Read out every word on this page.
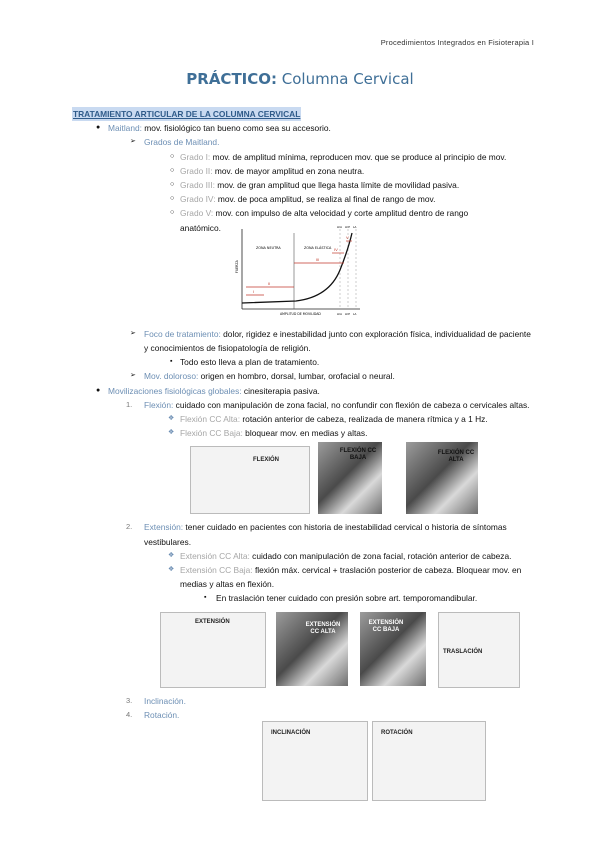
Procedimientos Integrados en Fisioterapia I
PRÁCTICO: Columna Cervical
TRATAMIENTO ARTICULAR DE LA COLUMNA CERVICAL
● Maitland: mov. fisiológico tan bueno como sea su accesorio.
➢ Grados de Maitland.
○ Grado I: mov. de amplitud mínima, reproducen mov. que se produce al principio de mov.
○ Grado II: mov. de mayor amplitud en zona neutra.
○ Grado III: mov. de gran amplitud que llega hasta límite de movilidad pasiva.
○ Grado IV: mov. de poca amplitud, se realiza al final de rango de mov.
○ Grado V: mov. con impulso de alta velocidad y corte amplitud dentro de rango anatómico.
ZONA NEUTRA	ZONA ELÁSTICA
I
II
III
IV
V
AMPLITUD DE MOVILIDAD
FUERZA
LFA LFP LA
LFA LFP LA
➢ Foco de tratamiento: dolor, rigidez e inestabilidad junto con exploración física, individualidad de paciente y conocimientos de fisiopatología de religión.
▪ Todo esto lleva a plan de tratamiento.
➢ Mov. doloroso: origen en hombro, dorsal, lumbar, orofacial o neural.
● Movilizaciones fisiológicas globales: cinesiterapia pasiva.
1. Flexión: cuidado con manipulación de zona facial, no confundir con flexión de cabeza o cervicales altas.
❖ Flexión CC Alta: rotación anterior de cabeza, realizada de manera rítmica y a 1 Hz.
❖ Flexión CC Baja: bloquear mov. en medias y altas.
FLEXIÓN
FLEXIÓN CC BAJA
FLEXIÓN CC ALTA
2. Extensión: tener cuidado en pacientes con historia de inestabilidad cervical o historia de síntomas vestibulares.
❖ Extensión CC Alta: cuidado con manipulación de zona facial, rotación anterior de cabeza.
❖ Extensión CC Baja: flexión máx. cervical + traslación posterior de cabeza. Bloquear mov. en medias y altas en flexión.
▪ En traslación tener cuidado con presión sobre art. temporomandibular.
EXTENSIÓN	EXTENSIÓN CC ALTA
EXTENSIÓN CC BAJA
TRASLACIÓN
3. Inclinación.
4. Rotación.
INCLINACIÓN	ROTACIÓN
